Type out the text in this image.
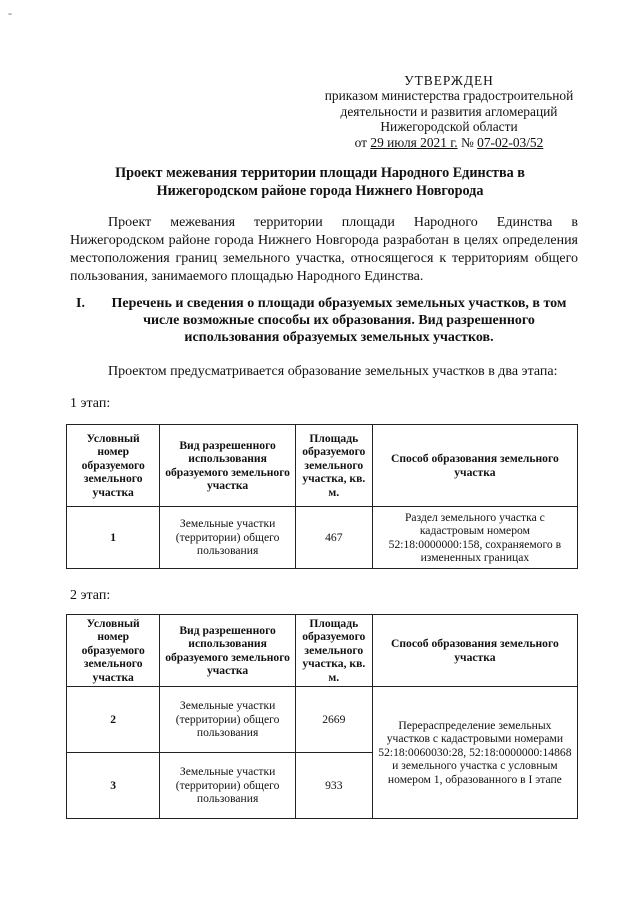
-
УТВЕРЖДЕН
приказом министерства градостроительной
деятельности и развития агломераций
Нижегородской области
от 29 июля 2021 г. № 07-02-03/52
Проект межевания территории площади Народного Единства в Нижегородском районе города Нижнего Новгорода

Проект межевания территории площади Народного Единства в Нижегородском районе города Нижнего Новгорода разработан в целях определения местоположения границ земельного участка, относящегося к территориям общего пользования, занимаемого площадью Народного Единства.

I.	Перечень и сведения о площади образуемых земельных участков, в том числе возможные способы их образования. Вид разрешенного использования образуемых земельных участков.
Проектом предусматривается образование земельных участков в два этапа:
1 этап:
Условный номер образуемого земельного участка	Вид разрешенного использования образуемого земельного участка	Площадь образуемого земельного участка, кв. м.	Способ образования земельного участка
1	Земельные участки (территории) общего пользования	467	Раздел земельного участка с кадастровым номером 52:18:0000000:158, сохраняемого в измененных границах
2 этап:
Условный номер образуемого земельного участка	Вид разрешенного использования образуемого земельного участка	Площадь образуемого земельного участка, кв. м.	Способ образования земельного участка
2	Земельные участки (территории) общего пользования	2669	Перераспределение земельных участков с кадастровыми номерами 52:18:0060030:28, 52:18:0000000:14868 и земельного участка с условным номером 1, образованного в I этапе
3	Земельные участки (территории) общего пользования	933	
